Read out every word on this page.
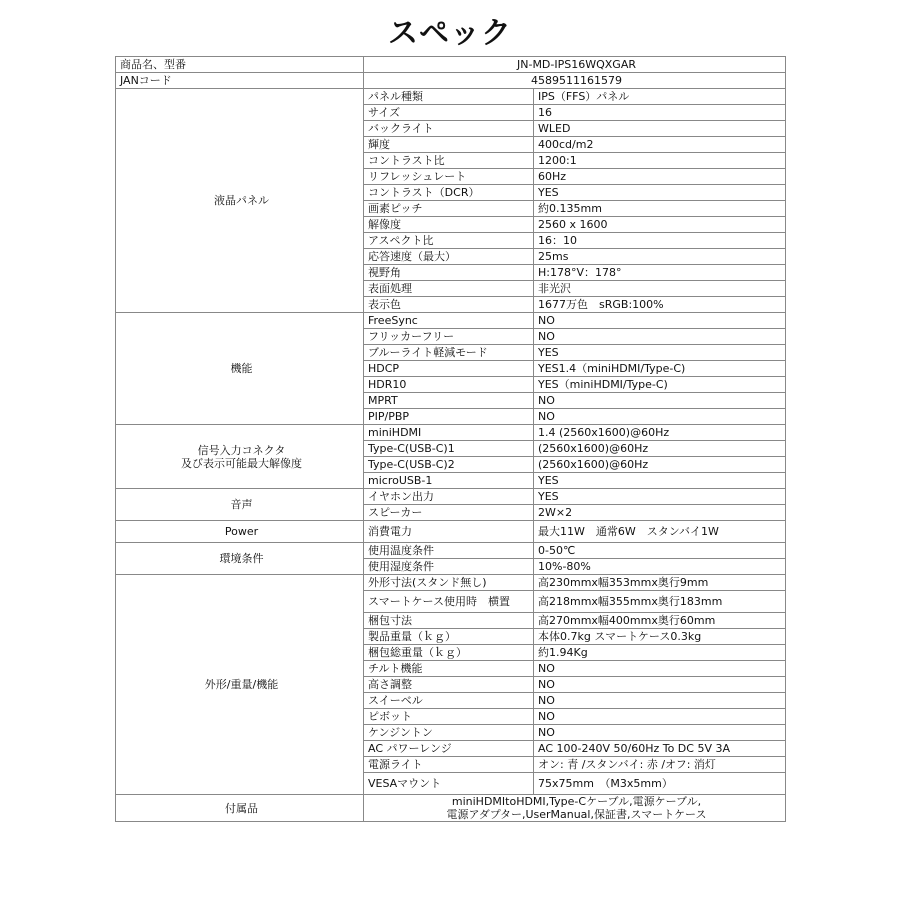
スペック
商品名、型番	JN-MD-IPS16WQXGAR	
JANコード	4589511161579	
液晶パネル	パネル種類	IPS（FFS）パネル
	サイズ	16
	バックライト	WLED
	輝度	400cd/m2
	コントラスト比	1200:1
	リフレッシュレート	60Hz
	コントラスト（DCR）	YES
	画素ピッチ	約0.135mm
	解像度	2560 x 1600
	アスペクト比	16：10
	応答速度（最大）	25ms
	視野角	H:178°V：178°
	表面処理	非光沢
	表示色	1677万色　sRGB:100%
機能	FreeSync	NO
	フリッカーフリー	NO
	ブルーライト軽減モード	YES
	HDCP	YES1.4（miniHDMI/Type-C)
	HDR10	YES（miniHDMI/Type-C)
	MPRT	NO
	PIP/PBP	NO

信号入力コネクタ
及び表示可能最大解像度	miniHDMI	1.4 (2560x1600)@60Hz
	Type-C(USB-C)1	(2560x1600)@60Hz
	Type-C(USB-C)2	(2560x1600)@60Hz
	microUSB-1	YES
音声	イヤホン出力	YES
	スピーカー	2W×2
Power	消費電力	最大11W　通常6W　スタンバイ1W
環境条件	使用温度条件	0-50℃
	使用湿度条件	10%-80%
外形/重量/機能	外形寸法(スタンド無し)	高230mmx幅353mmx奥行9mm
	スマートケース使用時　横置	高218mmx幅355mmx奥行183mm
	梱包寸法	高270mmx幅400mmx奥行60mm
	製品重量（ｋｇ）	本体0.7kg スマートケース0.3kg
	梱包総重量（ｋｇ）	約1.94Kg
	チルト機能	NO
	高さ調整	NO
	スイーベル	NO
	ピボット	NO
	ケンジントン	NO
	AC パワーレンジ	AC 100-240V 50/60Hz To DC 5V 3A
	電源ライト	オン: 青 /スタンバイ: 赤 /オフ: 消灯
	VESAマウント	75x75mm　（M3x5mm）
付属品	miniHDMItoHDMI,Type-Cケーブル,電源ケーブル,
電源アダプター,UserManual,保証書,スマートケース	
